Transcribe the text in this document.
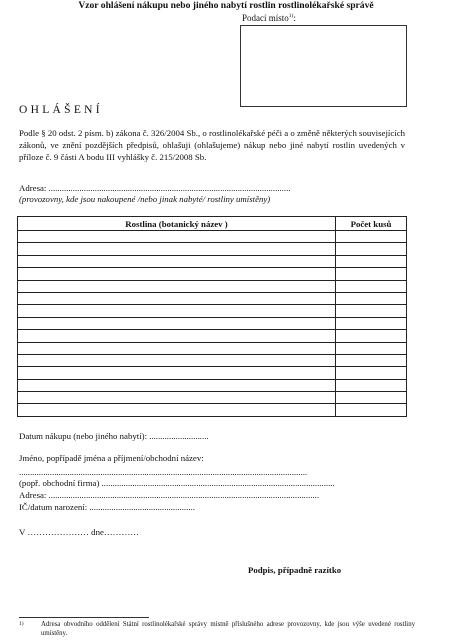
Vzor ohlášení nákupu nebo jiného nabytí rostlin rostlinolékařské správě
Podací místo$^{1)}$:
OHLÁŠENÍ
Podle § 20 odst. 2 písm. b) zákona č. 326/2004 Sb., o rostlinolékařské péči a o změně některých souvisejících zákonů, ve znění pozdějších předpisů, ohlašuji (ohlašujeme) nákup nebo jiné nabytí rostlin uvedených v příloze č. 9 části A bodu III vyhlášky č. 215/2008 Sb.
Adresa: ..............................................................................................................
(provozovny, kde jsou nakoupené /nebo jinak nabyté/ rostliny umístěny)
Rostlina (botanický název )	Počet kusů

Datum nákupu (nebo jiného nabytí): ...........................
Jméno, popřípadě jména a příjmení/obchodní název:
...................................................................................................................................
(popř. obchodní firma) ..........................................................................................................
Adresa: ...........................................................................................................................
IČ/datum narození: ................................................
V ………………… dne…………
Podpis, případně razítko
1)	Adresa obvodního oddělení Státní rostlinolékařské správy místně příslušného adrese provozovny, kde jsou výše uvedené rostliny umístěny.
